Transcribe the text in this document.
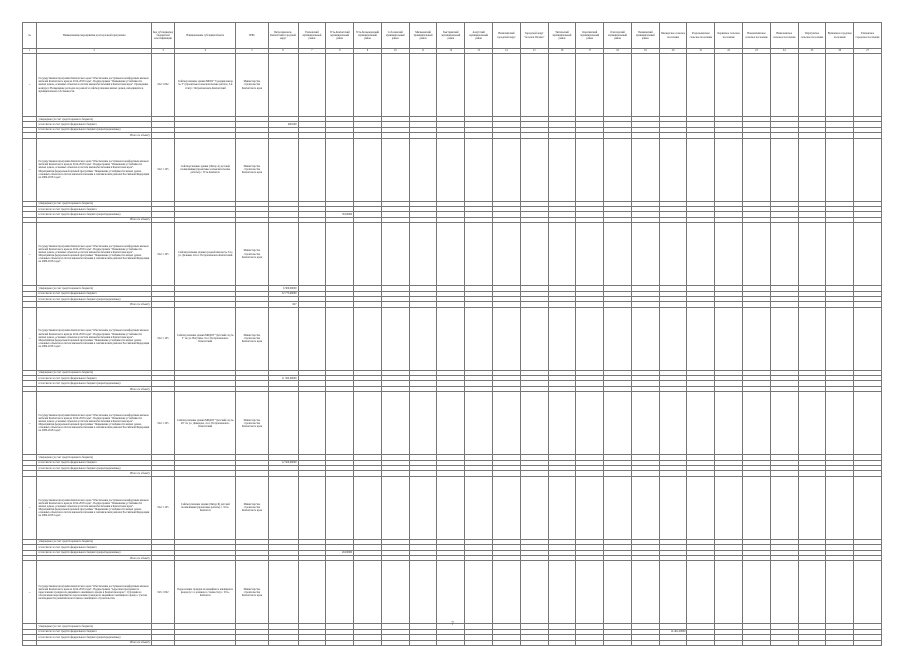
№	Наименование мероприятия долгосрочной программы	Код субсидии/код бюджетной классификации	Наименование субсидии/объекта	ГРБС	Петропавловск-Камчатский городской округ	Елизовский муниципальный район	Усть-Камчатский муниципальный район	Усть-Большерецкий муниципальный район	Соболевский муниципальный район	Мильковский муниципальный район	Быстринский муниципальный район	Алеутский муниципальный район	Вилючинский городской округ	Городской округ "поселок Палана"	Тигильский муниципальный район	Карагинский муниципальный район	Олюторский муниципальный район	Пенжинский муниципальный район	Пионерское сельское поселение	Раздольненское сельское поселение	Корякское сельское поселение	Новоавачинское сельское поселение	Николаевское сельское поселение	Паратунское сельское поселение	Вулканное городское поселение	Елизовское городское поселение
1	2	3	4	5	6	7	8	9	10	11	12	13	14	15	16	17	18	19	20	21	22	23	24	25	26	27
...	Государственная программа Камчатского края "Обеспечение доступным и комфортным жильем жителей Камчатского края на 2014-2018 годы". Подпрограмма "Повышение устойчивости жилых домов, основных объектов и систем жизнеобеспечения в Камчатском крае". Проведение конкурса: Возмещение расходов на ремонт и сейсмоусиление жилых домов, находящихся в муниципальной собственности.	042 1 002	Сейсмоусиление здания МБОУ "Средняя школа № 3" (проектные и изыскательские работы, 3-й этап) г. Петропавловск-Камчатский	Министерство строительства Камчатского края																						
	утверждено (за счет средств краевого бюджета)																									
	в том числе за счет средств федерального бюджета				400,000																					
	в том числе за счет средств федерального бюджета (нераспределенные)																									
	Итого по объекту																									
...	Государственная программа Камчатского края "Обеспечение доступным и комфортным жильем жителей Камчатского края на 2014-2018 годы". Подпрограмма "Повышение устойчивости жилых домов, основных объектов и систем жизнеобеспечения в Камчатском крае". Мероприятия федеральной целевой программы "Повышение устойчивости жилых домов, основных объектов и систем жизнеобеспечения в сейсмических районах Российской Федерации на 2009-2018 годы".	042 1 105	Сейсмоусиление здания (Литер А) детской поликлиники (проектные и изыскательские работы) с. Усть-Камчатск	Министерство строительства Камчатского края																						
	утверждено (за счет средств краевого бюджета)																									
	в том числе за счет средств федерального бюджета																									
	в том числе за счет средств федерального бюджета (нераспределенные)						30,00000																			
	Итого по объекту																									
...	Государственная программа Камчатского края "Обеспечение доступным и комфортным жильем жителей Камчатского края на 2014-2018 годы". Подпрограмма "Повышение устойчивости жилых домов, основных объектов и систем жизнеобеспечения в Камчатском крае". Мероприятия федеральной целевой программы "Повышение устойчивости жилых домов, основных объектов и систем жизнеобеспечения в сейсмических районах Российской Федерации на 2009-2018 годы".	042 1 105	Сейсмоусиление здания средней школы № 3 по ул. Дальняя, 44 в г. Петропавловск-Камчатский	Министерство строительства Камчатского края																						
	утверждено (за счет средств краевого бюджета)				6 300,00000																					
	в том числе за счет средств федерального бюджета				52 773,90000																					
	в том числе за счет средств федерального бюджета (нераспределенные)																									
	Итого по объекту				647																					
...	Государственная программа Камчатского края "Обеспечение доступным и комфортным жильем жителей Камчатского края на 2014-2018 годы". Подпрограмма "Повышение устойчивости жилых домов, основных объектов и систем жизнеобеспечения в Камчатском крае". Мероприятия федеральной целевой программы "Повышение устойчивости жилых домов, основных объектов и систем жизнеобеспечения в сейсмических районах Российской Федерации на 2009-2018 годы".	042 1 105	Сейсмоусиление здания МБДОУ "Детский сад № 5" по ул. Ватутина, 9 в г. Петропавловск-Камчатский	Министерство строительства Камчатского края																						
	утверждено (за счет средств краевого бюджета)																									
	в том числе за счет средств федерального бюджета				11 500,00000																					
	в том числе за счет средств федерального бюджета (нераспределенные)																									
	Итого по объекту																									
...	Государственная программа Камчатского края "Обеспечение доступным и комфортным жильем жителей Камчатского края на 2014-2018 годы". Подпрограмма "Повышение устойчивости жилых домов, основных объектов и систем жизнеобеспечения в Камчатском крае". Мероприятия федеральной целевой программы "Повышение устойчивости жилых домов, основных объектов и систем жизнеобеспечения в сейсмических районах Российской Федерации на 2009-2018 годы".	042 1 105	Сейсмоусиление здания МБДОУ "Детский сад № 26" по ул. Давыдова, 4 в г. Петропавловск-Камчатский	Министерство строительства Камчатского края																						
	утверждено (за счет средств краевого бюджета)																									
	в том числе за счет средств федерального бюджета				12 500,00000																					
	в том числе за счет средств федерального бюджета (нераспределенные)																									
	Итого по объекту																									
...	Государственная программа Камчатского края "Обеспечение доступным и комфортным жильем жителей Камчатского края на 2014-2018 годы". Подпрограмма "Повышение устойчивости жилых домов, основных объектов и систем жизнеобеспечения в Камчатском крае". Мероприятия федеральной целевой программы "Повышение устойчивости жилых домов, основных объектов и систем жизнеобеспечения в сейсмических районах Российской Федерации на 2009-2018 годы".	042 1 105	Сейсмоусиление здания (Литер Б) детской поликлиники (проектные работы) с. Усть-Камчатск	Министерство строительства Камчатского края																						
	утверждено (за счет средств краевого бюджета)																									
	в том числе за счет средств федерального бюджета																									
	в том числе за счет средств федерального бюджета (нераспределенные)						26,00000																			
	Итого по объекту																									
...	Государственная программа Камчатского края "Обеспечение доступным и комфортным жильем жителей Камчатского края на 2014-2018 годы". Подпрограмма "Адресная программа по переселению граждан из аварийного жилищного фонда в Камчатском крае". Субсидии на обеспечение мероприятий по переселению граждан из аварийного жилищного фонда с учетом необходимости развития малоэтажного жилищного строительства.	045 1 002	Переселение граждан из аварийного жилищного фонда (в т.ч. разница в стоимости) с. Усть-Камчатск	Министерство строительства Камчатского края																						
	утверждено (за счет средств краевого бюджета)																									
	в том числе за счет средств федерального бюджета																		14 461,20000							
	в том числе за счет средств федерального бюджета (нераспределенные)																									
	Итого по объекту																									
7
